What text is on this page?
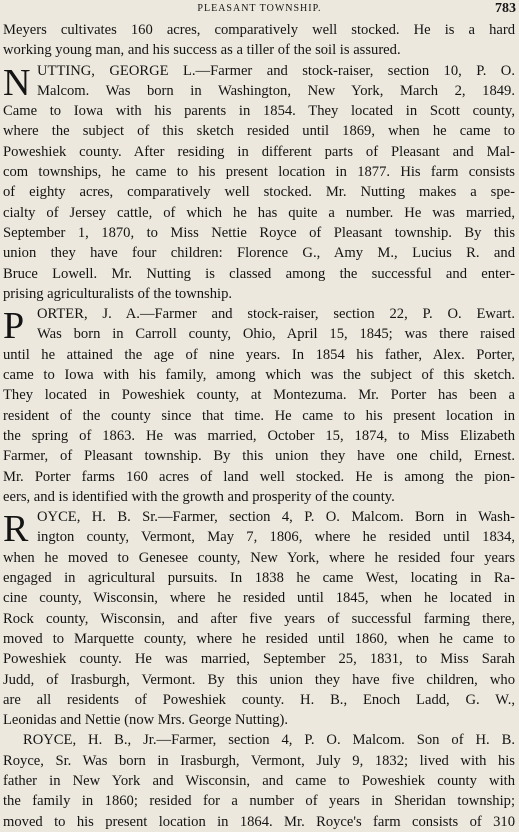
PLEASANT TOWNSHIP.	783
Meyers cultivates 160 acres, comparatively well stocked. He is a hard
working young man, and his success as a tiller of the soil is assured.
N UTTING, GEORGE L.—Farmer and stock-raiser, section 10, P. O.
Malcom. Was born in Washington, New York, March 2, 1849.
Came to Iowa with his parents in 1854. They located in Scott county,
where the subject of this sketch resided until 1869, when he came to
Poweshiek county. After residing in different parts of Pleasant and Mal-
com townships, he came to his present location in 1877. His farm consists
of eighty acres, comparatively well stocked. Mr. Nutting makes a spe-
cialty of Jersey cattle, of which he has quite a number. He was married,
September 1, 1870, to Miss Nettie Royce of Pleasant township. By this
union they have four children: Florence G., Amy M., Lucius R. and
Bruce Lowell. Mr. Nutting is classed among the successful and enter-
prising agriculturalists of the township.
P ORTER, J. A.—Farmer and stock-raiser, section 22, P. O. Ewart.
Was born in Carroll county, Ohio, April 15, 1845; was there raised
until he attained the age of nine years. In 1854 his father, Alex. Porter,
came to Iowa with his family, among which was the subject of this sketch.
They located in Poweshiek county, at Montezuma. Mr. Porter has been a
resident of the county since that time. He came to his present location in
the spring of 1863. He was married, October 15, 1874, to Miss Elizabeth
Farmer, of Pleasant township. By this union they have one child, Ernest.
Mr. Porter farms 160 acres of land well stocked. He is among the pion-
eers, and is identified with the growth and prosperity of the county.
R OYCE, H. B. Sr.—Farmer, section 4, P. O. Malcom. Born in Wash-
ington county, Vermont, May 7, 1806, where he resided until 1834,
when he moved to Genesee county, New York, where he resided four years
engaged in agricultural pursuits. In 1838 he came West, locating in Ra-
cine county, Wisconsin, where he resided until 1845, when he located in
Rock county, Wisconsin, and after five years of successful farming there,
moved to Marquette county, where he resided until 1860, when he came to
Poweshiek county. He was married, September 25, 1831, to Miss Sarah
Judd, of Irasburgh, Vermont. By this union they have five children, who
are all residents of Poweshiek county. H. B., Enoch Ladd, G. W.,
Leonidas and Nettie (now Mrs. George Nutting).
ROYCE, H. B., Jr.—Farmer, section 4, P. O. Malcom. Son of H. B.
Royce, Sr. Was born in Irasburgh, Vermont, July 9, 1832; lived with his
father in New York and Wisconsin, and came to Poweshiek county with
the family in 1860; resided for a number of years in Sheridan township;
moved to his present location in 1864. Mr. Royce's farm consists of 310
